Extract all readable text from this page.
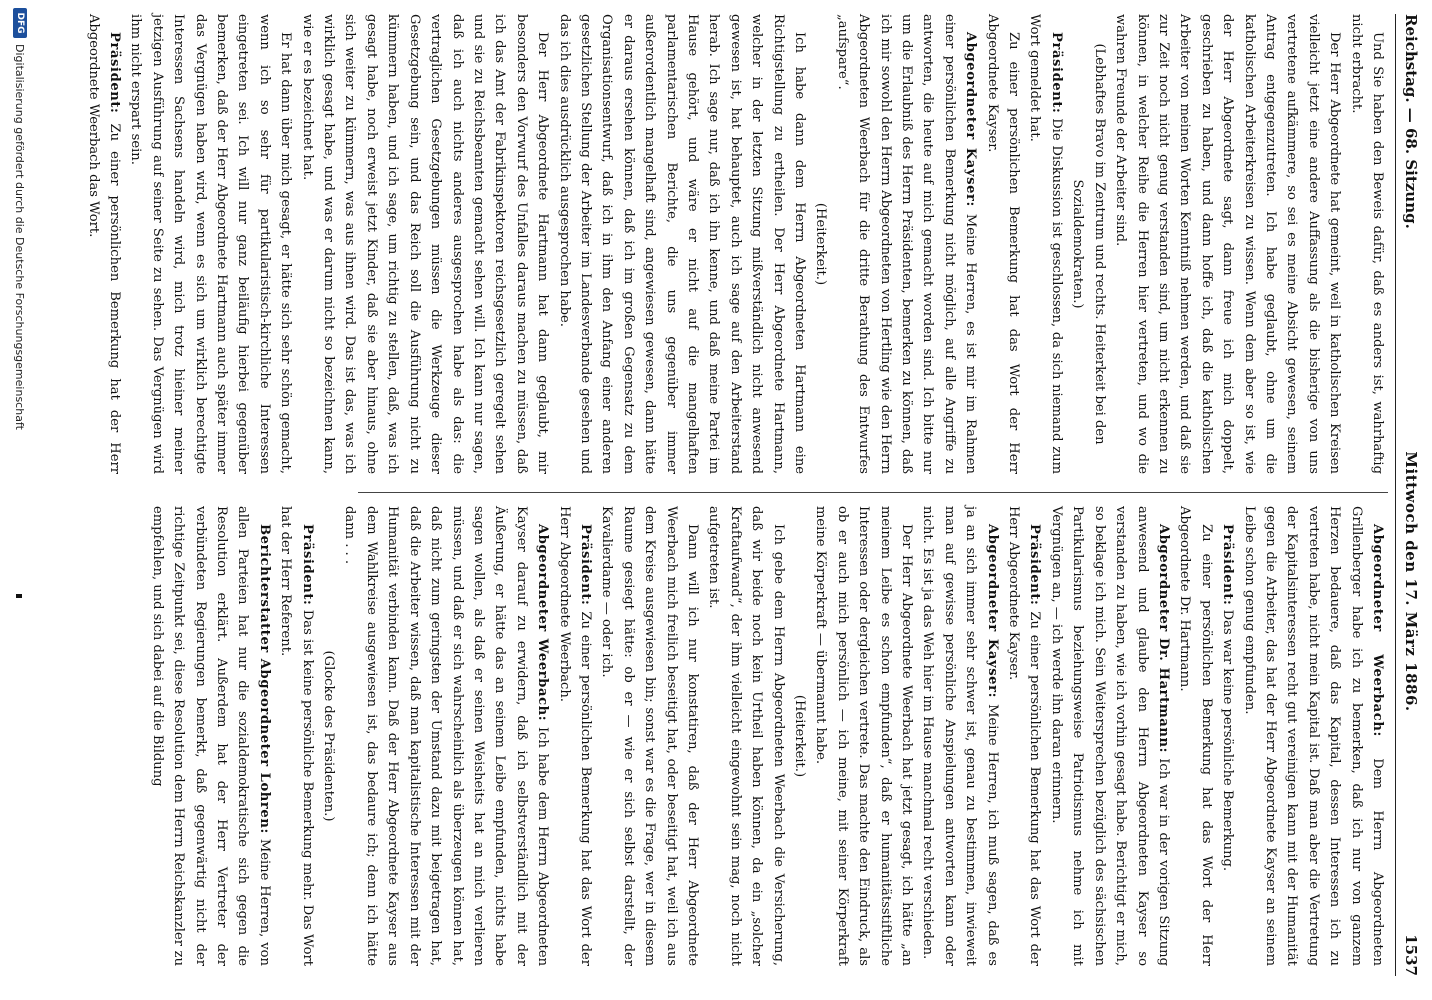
Reichstag. — 68. Sitzung.
Mittwoch den 17. März 1886.
1537

Und Sie haben den Beweis dafür, daß es anders ist, wahrhaftig nicht erbracht.

Der Herr Abgeordnete hat gemeint, weil in katholischen Kreisen vielleicht jetzt eine andere Auffassung als die bisherige von uns vertretene aufkämmere, so sei es meine Absicht gewesen, seinem Antrag entgegenzutreten. Ich habe geglaubt, ohne um die katholischen Arbeiterkreisen zu wissen. Wenn dem aber so ist, wie der Herr Abgeordnete sagt, dann freue ich mich doppelt, geschrieben zu haben, und dann hoffe ich, daß die katholischen Arbeiter von meinen Worten Kenntniß nehmen werden, und daß sie zur Zeit noch nicht genug verstanden sind, um nicht erkennen zu können, in welcher Reihe die Herren hier vertreten, und wo die wahren Freunde der Arbeiter sind.

(Lebhaftes Bravo im Zentrum und rechts. Heiterkeit bei den Sozialdemokraten.)

Präsident: Die Diskussion ist geschlossen, da sich niemand zum Wort gemeldet hat.

Zu einer persönlichen Bemerkung hat das Wort der Herr Abgeordnete Kayser.

Abgeordneter Kayser: Meine Herren, es ist mir im Rahmen einer persönlichen Bemerkung nicht möglich, auf alle Angriffe zu antworten, die heute auf mich gemacht worden sind. Ich bitte nur um die Erlaubniß des Herrn Präsidenten, bemerken zu können, daß ich mir sowohl den Herrn Abgeordneten von Hertling wie den Herrn Abgeordneten Weerbach für die dritte Berathung des Entwurfes „aufspare“.

(Heiterkeit.)

Ich habe dann dem Herrn Abgeordneten Hartmann eine Richtigstellung zu ertheilen. Der Herr Abgeordnete Hartmann, welcher in der letzten Sitzung mißverständlich nicht anwesend gewesen ist, hat behauptet, auch ich sage auf den Arbeiterstand herab. Ich sage nur, daß ich ihn kenne, und daß meine Partei im Hause gehört, und wäre er nicht auf die mangelhaften parlamentarischen Berichte, die uns gegenüber immer außerordentlich mangelhaft sind, angewiesen gewesen, dann hätte er daraus ersehen können, daß ich im großen Gegensatz zu dem Organisationsentwurf, daß ich in ihm den Anfang einer anderen gesetzlichen Stellung der Arbeiter im Landesverbande gesehen und das ich dies ausdrücklich ausgesprochen habe.

Der Herr Abgeordnete Hartmann hat dann geglaubt, mir besonders den Vorwurf des Unfalles daraus machen zu müssen, daß ich das Amt der Fabrikinspektoren reichsgesetzlich geregelt sehen und sie zu Reichsbeamten gemacht sehen will. Ich kann nur sagen, daß ich auch nichts anderes ausgesprochen habe als das: die vertraglichen Gesetzgebungen müssen die Werkzeuge dieser Gesetzgebung sein, und das Reich soll die Ausführung nicht zu kümmern haben, und ich sage, um richtig zu stellen, daß, was ich gesagt habe, noch erweist jetzt Kinder, daß sie aber hinaus, ohne sich weiter zu kümmern, was aus ihnen wird. Das ist das, was ich wirklich gesagt habe, und was er darum nicht so bezeichnen kann, wie er es bezeichnet hat.

Er hat dann über mich gesagt, er hätte sich sehr schön gemacht, wenn ich so sehr für partikularistisch-kirchliche Interessen eingetreten sei. Ich will nur ganz beiläufig hierbei gegenüber bemerken, daß der Herr Abgeordnete Hartmann auch später immer das Vergnügen haben wird, wenn es sich um wirklich berechtigte Interessen Sachsens handeln wird, mich trotz hieiner meiner jetzigen Ausführung auf seiner Seite zu sehen. Das Vergnügen wird ihm nicht erspart sein.

Präsident: Zu einer persönlichen Bemerkung hat der Herr Abgeordnete Weerbach das Wort.

Abgeordneter Weerbach: Dem Herrn Abgeordneten Grillenberger habe ich zu bemerken, daß ich nur von ganzem Herzen bedauere, daß das Kapital, dessen Interessen ich zu vertreten habe, nicht mein Kapital ist. Daß man aber die Vertretung der Kapitalsinteressen recht gut vereinigen kann mit der Humanität gegen die Arbeiter, das hat der Herr Abgeordnete Kayser an seinem Leibe schon genug empfunden.

Präsident: Das war keine persönliche Bemerkung.

Zu einer persönlichen Bemerkung hat das Wort der Herr Abgeordnete Dr. Hartmann.

Abgeordneter Dr. Hartmann: Ich war in der vorigen Sitzung anwesend und glaube den Herrn Abgeordneten Kayser so verstanden zu haben, wie ich vorhin gesagt habe. Berichtigt er mich, so beklage ich mich. Sein Weitersprechen bezüglich des sächsischen Partikularismus beziehungsweise Patriotismus nehme ich mit Vergnügen an, — ich werde ihn daran erinnern.

Präsident: Zu einer persönlichen Bemerkung hat das Wort der Herr Abgeordnete Kayser.

Abgeordneter Kayser: Meine Herren, ich muß sagen, daß es ja an sich immer sehr schwer ist, genau zu bestimmen, inwieweit man auf gewisse persönliche Anspielungen antworten kann oder nicht. Es ist ja das Weh hier im Hause manchmal recht verschieden.

Der Herr Abgeordnete Weerbach hat jetzt gesagt, ich hätte „an meinem Leibe es schon empfunden“, daß er humanitätsstiftliche Interessen oder dergleichen vertrete. Das machte den Eindruck, als ob er auch mich persönlich — ich meine, mit seiner Körperkraft meine Körperkraft — übermannt habe.

(Heiterkeit.)

Ich gebe dem Herrn Abgeordneten Weerbach die Versicherung, daß wir beide noch kein Urtheil haben können, da ein „solcher Kraftaufwand“, der ihm vielleicht eingewohnt sein mag, noch nicht aufgetreten ist.

Dann will ich nur konstatiren, daß der Herr Abgeordnete Weerbach mich freilich beseitigt hat, oder beseitigt hat, weil ich aus dem Kreise ausgewiesen bin; sonst war es die Frage, wer in diesem Raume gesiegt hätte: ob er — wie er sich selbst darstellt, der Kavalierdame — oder ich.

Präsident: Zu einer persönlichen Bemerkung hat das Wort der Herr Abgeordnete Weerbach.

Abgeordneter Weerbach: Ich habe dem Herrn Abgeordneten Kayser darauf zu erwidern, daß ich selbstverständlich mit der Äußerung, er hätte das an seinem Leibe empfunden, nichts habe sagen wollen, als daß er seinen Weisheits hat an mich verlieren müssen, und daß er sich wahrscheinlich als überzeugen können hat, daß nicht zum geringsten der Umstand dazu mit beigetragen hat, daß die Arbeiter wissen, daß man kapitalistische Interessen mit der Humanität verbinden kann. Daß der Herr Abgeordnete Kayser aus dem Wahlkreise ausgewiesen ist, das bedaure ich; denn ich hätte dann . . .

(Glocke des Präsidenten.)

Präsident: Das ist keine persönliche Bemerkung mehr. Das Wort hat der Herr Referent.

Berichterstatter Abgeordneter Lohren: Meine Herren, von allen Parteien hat nur die sozialdemokratische sich gegen die Resolution erklärt. Außerdem hat der Herr Vertreter der verbündeten Regierungen bemerkt, daß gegenwärtig nicht der richtige Zeitpunkt sei, diese Resolution dem Herrn Reichskanzler zu empfehlen, und sich dabei auf die Bildung

DFG
Digitalisierung gefördert durch die Deutsche Forschungsgemeinschaft
